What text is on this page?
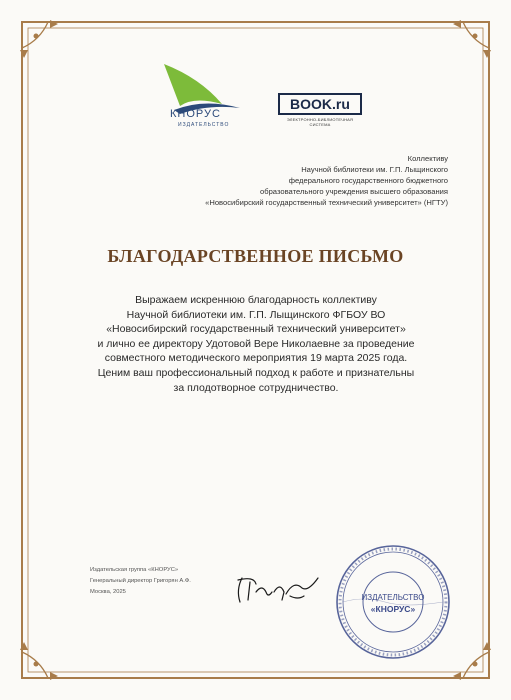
КНОРУС
ИЗДАТЕЛЬСТВО
BOOK.ru
ЭЛЕКТРОННО-БИБЛИОТЕЧНАЯ СИСТЕМА
Коллективу
Научной библиотеки им. Г.П. Лыщинского
федерального государственного бюджетного
образовательного учреждения высшего образования
«Новосибирский государственный технический университет» (НГТУ)
БЛАГОДАРСТВЕННОЕ ПИСЬМО
Выражаем искреннюю благодарность коллективу
Научной библиотеки им. Г.П. Лыщинского ФГБОУ ВО
«Новосибирский государственный технический университет»
и лично ее директору Удотовой Вере Николаевне за проведение
совместного методического мероприятия 19 марта 2025 года.
Ценим ваш профессиональный подход к работе и признательны
за плодотворное сотрудничество.
Издательская группа «КНОРУС»
Генеральный директор Григорян А.Ф.
Москва, 2025
ИЗДАТЕЛЬСТВО
«КНОРУС»
